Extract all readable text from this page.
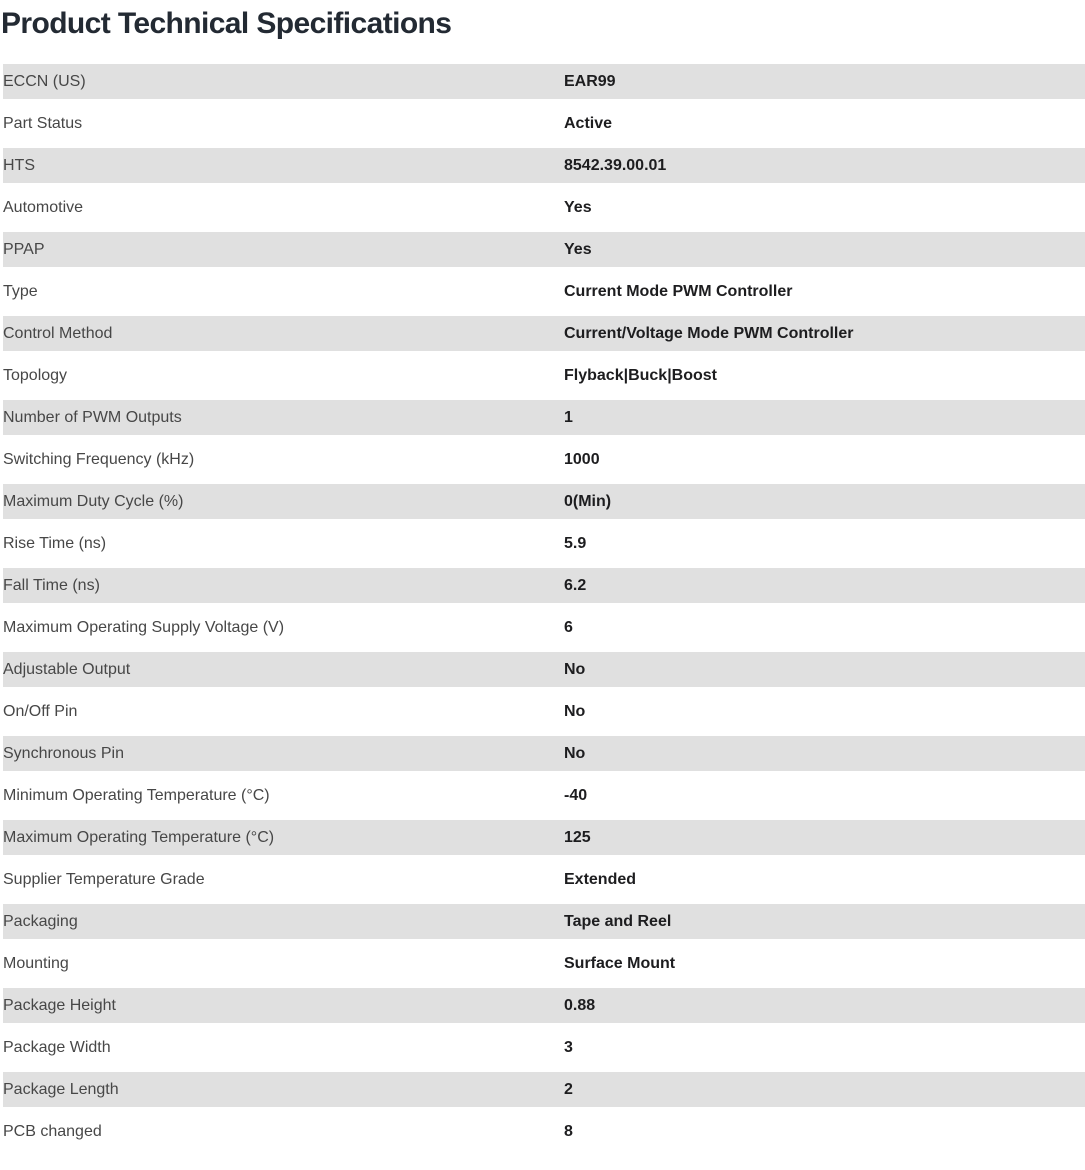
Product Technical Specifications
ECCN (US)	EAR99
Part Status	Active
HTS	8542.39.00.01
Automotive	Yes
PPAP	Yes
Type	Current Mode PWM Controller
Control Method	Current/Voltage Mode PWM Controller
Topology	Flyback|Buck|Boost
Number of PWM Outputs	1
Switching Frequency (kHz)	1000
Maximum Duty Cycle (%)	0(Min)
Rise Time (ns)	5.9
Fall Time (ns)	6.2
Maximum Operating Supply Voltage (V)	6
Adjustable Output	No
On/Off Pin	No
Synchronous Pin	No
Minimum Operating Temperature (°C)	-40
Maximum Operating Temperature (°C)	125
Supplier Temperature Grade	Extended
Packaging	Tape and Reel
Mounting	Surface Mount
Package Height	0.88
Package Width	3
Package Length	2
PCB changed	8
